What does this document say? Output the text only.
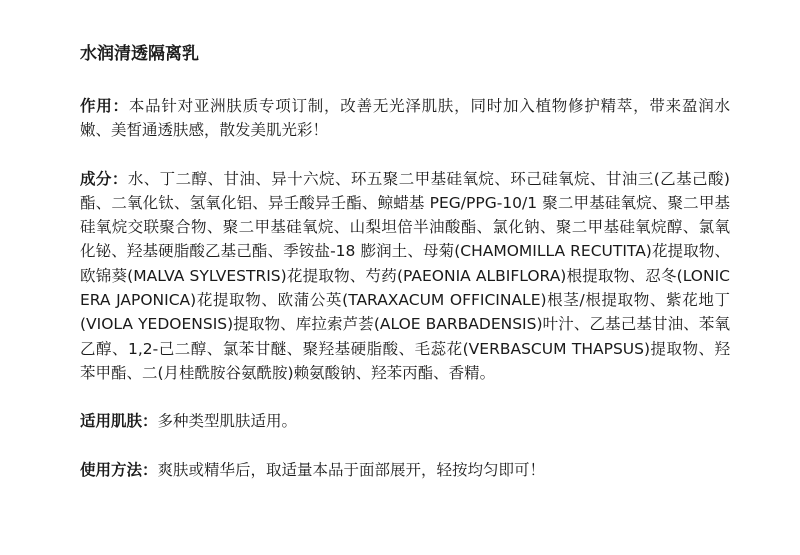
水润清透隔离乳
作用：本品针对亚洲肤质专项订制，改善无光泽肌肤，同时加入植物修护精萃，带来盈润水嫩、美皙通透肤感，散发美肌光彩！
成分：水、丁二醇、甘油、异十六烷、环五聚二甲基硅氧烷、环己硅氧烷、甘油三(乙基己酸)酯、二氧化钛、氢氧化铝、异壬酸异壬酯、鲸蜡基 PEG/PPG-10/1 聚二甲基硅氧烷、聚二甲基硅氧烷交联聚合物、聚二甲基硅氧烷、山梨坦倍半油酸酯、氯化钠、聚二甲基硅氧烷醇、氯氧化铋、羟基硬脂酸乙基己酯、季铵盐-18 膨润土、母菊(CHAMOMILLA RECUTITA)花提取物、欧锦葵(MALVA SYLVESTRIS)花提取物、芍药(PAEONIA ALBIFLORA)根提取物、忍冬(LONICERA JAPONICA)花提取物、欧蒲公英(TARAXACUM OFFICINALE)根茎/根提取物、紫花地丁(VIOLA YEDOENSIS)提取物、库拉索芦荟(ALOE BARBADENSIS)叶汁、乙基己基甘油、苯氧乙醇、1,2-己二醇、氯苯甘醚、聚羟基硬脂酸、毛蕊花(VERBASCUM THAPSUS)提取物、羟苯甲酯、二(月桂酰胺谷氨酰胺)赖氨酸钠、羟苯丙酯、香精。
适用肌肤：多种类型肌肤适用。
使用方法：爽肤或精华后，取适量本品于面部展开，轻按均匀即可！
